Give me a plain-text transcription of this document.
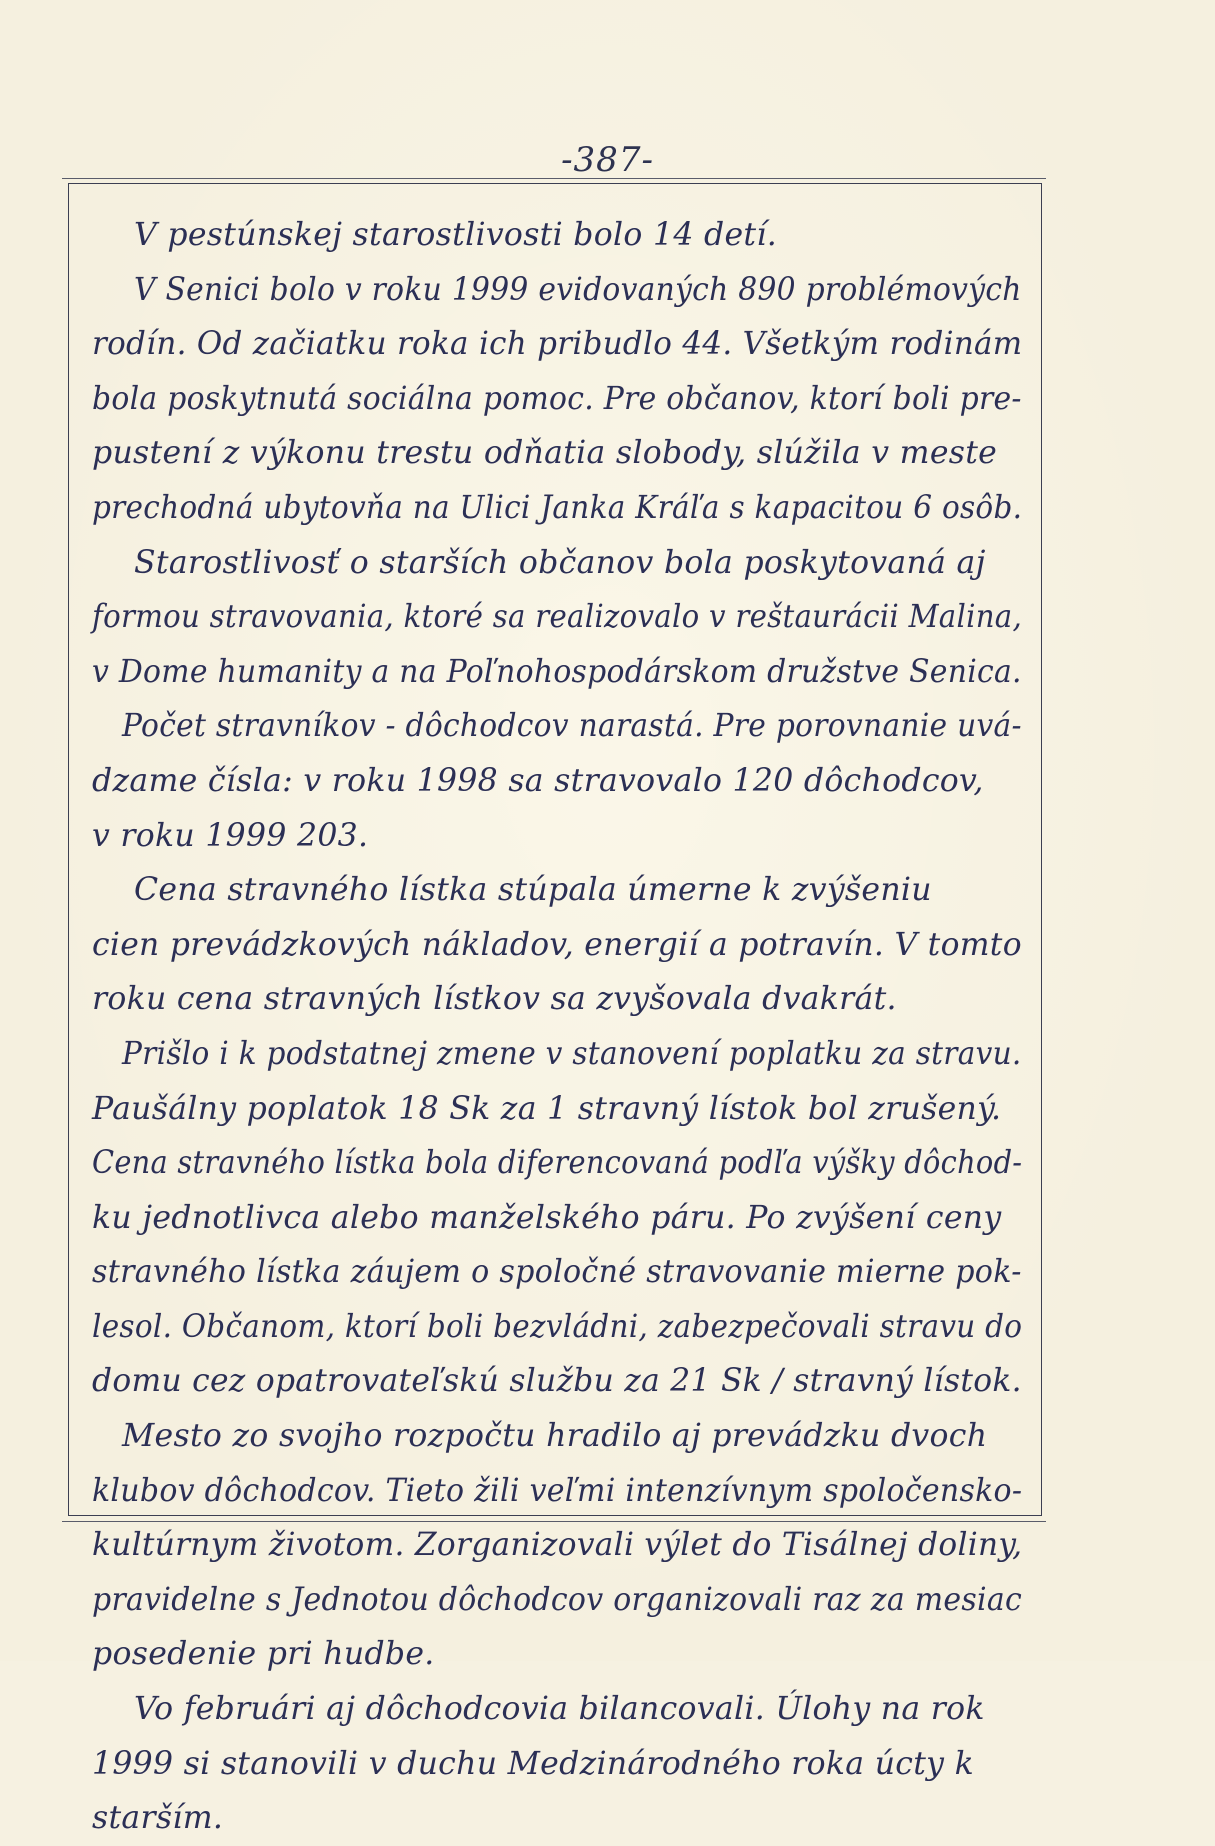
-387-
V pestúnskej starostlivosti bolo 14 detí.
V Senici bolo v roku 1999 evidovaných 890 problémových
rodín. Od začiatku roka ich pribudlo 44. Všetkým rodinám
bola poskytnutá sociálna pomoc. Pre občanov, ktorí boli pre-
pustení z výkonu trestu odňatia slobody, slúžila v meste
prechodná ubytovňa na Ulici Janka Kráľa s kapacitou 6 osôb.
Starostlivosť o starších občanov bola poskytovaná aj
formou stravovania, ktoré sa realizovalo v reštaurácii Malina,
v Dome humanity a na Poľnohospodárskom družstve Senica.
Počet stravníkov - dôchodcov narastá. Pre porovnanie uvá-
dzame čísla: v roku 1998 sa stravovalo 120 dôchodcov,
v roku 1999 203.
Cena stravného lístka stúpala úmerne k zvýšeniu
cien prevádzkových nákladov, energií a potravín. V tomto
roku cena stravných lístkov sa zvyšovala dvakrát.
Prišlo i k podstatnej zmene v stanovení poplatku za stravu.
Paušálny poplatok 18 Sk za 1 stravný lístok bol zrušený.
Cena stravného lístka bola diferencovaná podľa výšky dôchod-
ku jednotlivca alebo manželského páru. Po zvýšení ceny
stravného lístka záujem o spoločné stravovanie mierne pok-
lesol. Občanom, ktorí boli bezvládni, zabezpečovali stravu do
domu cez opatrovateľskú službu za 21 Sk / stravný lístok.
Mesto zo svojho rozpočtu hradilo aj prevádzku dvoch
klubov dôchodcov. Tieto žili veľmi intenzívnym spoločensko-
kultúrnym životom. Zorganizovali výlet do Tisálnej doliny,
pravidelne s Jednotou dôchodcov organizovali raz za mesiac
posedenie pri hudbe.
Vo februári aj dôchodcovia bilancovali. Úlohy na rok
1999 si stanovili v duchu Medzinárodného roka úcty k
starším.
